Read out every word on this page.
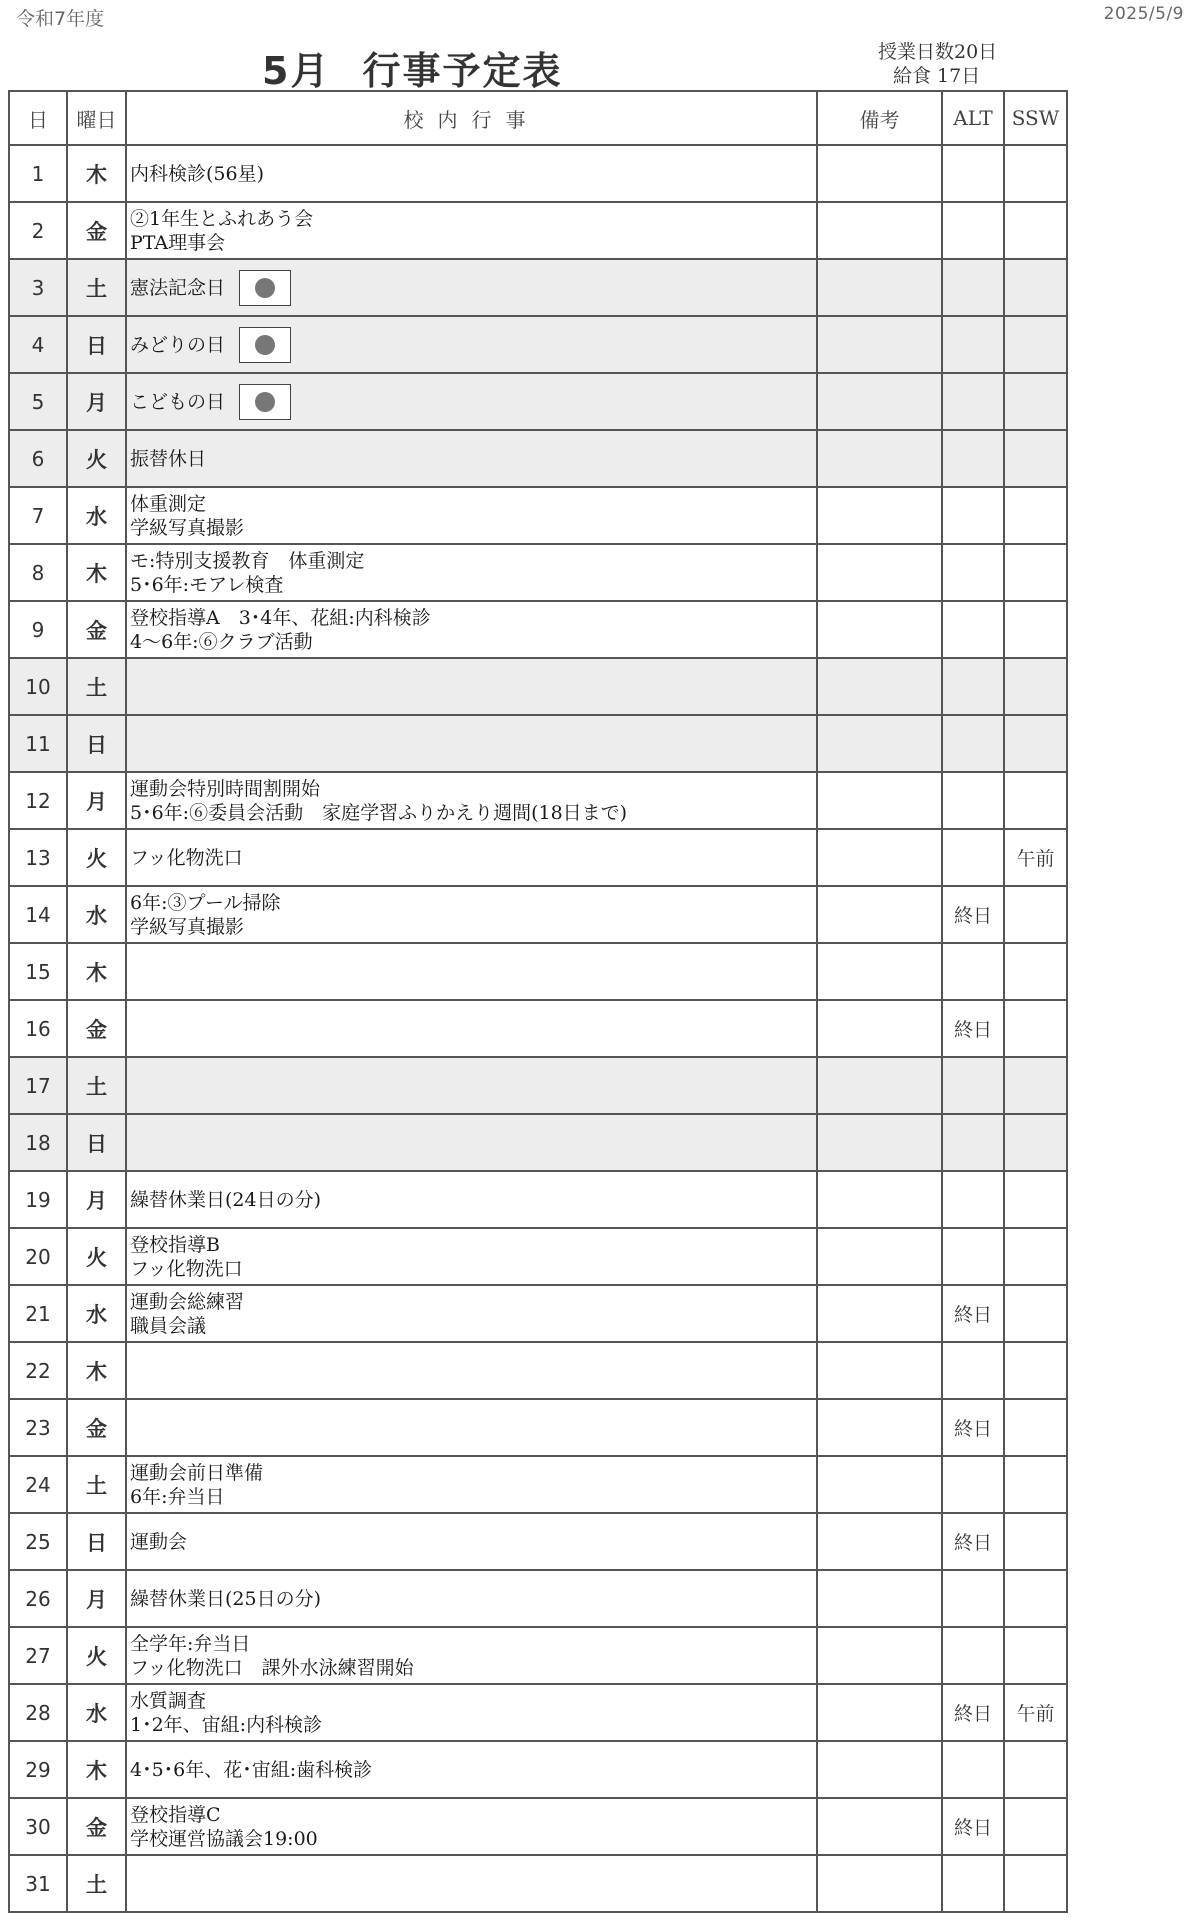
令和7年度	2025/5/9
5月 行事予定表	授業日数20日
給食 17日
日	曜日	校内行事	備考	ALT	SSW
1	木	内科検診(56星)			

2	金	②1年生とふれあう会
PTA理事会			

3	土	憲法記念日			

4	日	みどりの日			

5	月	こどもの日			

6	火	振替休日			

7	水	体重測定
学級写真撮影			

8	木	モ:特別支援教育　体重測定
5･6年:モアレ検査			

9	金	登校指導A　3･4年、花組:内科検診
4～6年:⑥クラブ活動			

10	土	

11	日	

12	月	運動会特別時間割開始
5･6年:⑥委員会活動　家庭学習ふりかえり週間(18日まで)			

13	火	フッ化物洗口			午前
14	水	6年:③プール掃除
学級写真撮影		終日	
15	木	

16	金			終日	
17	土	

18	日	

19	月	繰替休業日(24日の分)			

20	火	登校指導B
フッ化物洗口			

21	水	運動会総練習
職員会議		終日	
22	木	

23	金			終日	
24	土	運動会前日準備
6年:弁当日			

25	日	運動会		終日	
26	月	繰替休業日(25日の分)			

27	火	全学年:弁当日
フッ化物洗口　課外水泳練習開始			

28	水	水質調査
1･2年、宙組:内科検診		終日	午前
29	木	4･5･6年、花･宙組:歯科検診			

30	金	登校指導C
学校運営協議会19:00		終日	
31	土	
